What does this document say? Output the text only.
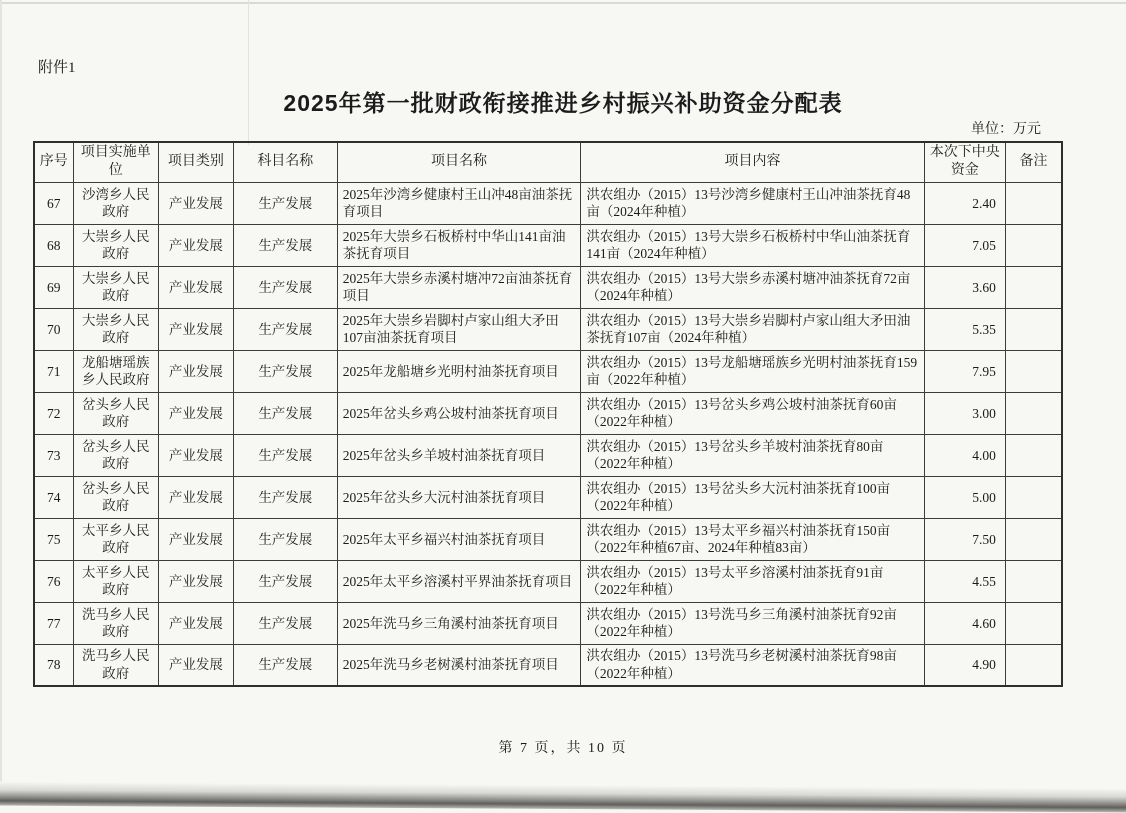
附件1
2025年第一批财政衔接推进乡村振兴补助资金分配表
单位：万元
序号	项目实施单位	项目类别	科目名称	项目名称	项目内容	本次下中央资金	备注
67	沙湾乡人民政府	产业发展	生产发展	2025年沙湾乡健康村王山冲48亩油茶抚育项目	洪农组办（2015）13号沙湾乡健康村王山冲油茶抚育48亩（2024年种植）	2.40	
68	大崇乡人民政府	产业发展	生产发展	2025年大崇乡石板桥村中华山141亩油茶抚育项目	洪农组办（2015）13号大崇乡石板桥村中华山油茶抚育141亩（2024年种植）	7.05	
69	大崇乡人民政府	产业发展	生产发展	2025年大崇乡赤溪村塘冲72亩油茶抚育项目	洪农组办（2015）13号大崇乡赤溪村塘冲油茶抚育72亩（2024年种植）	3.60	
70	大崇乡人民政府	产业发展	生产发展	2025年大崇乡岩脚村卢家山组大矛田107亩油茶抚育项目	洪农组办（2015）13号大崇乡岩脚村卢家山组大矛田油茶抚育107亩（2024年种植）	5.35	
71	龙船塘瑶族乡人民政府	产业发展	生产发展	2025年龙船塘乡光明村油茶抚育项目	洪农组办（2015）13号龙船塘瑶族乡光明村油茶抚育159亩（2022年种植）	7.95	
72	岔头乡人民政府	产业发展	生产发展	2025年岔头乡鸡公坡村油茶抚育项目	洪农组办（2015）13号岔头乡鸡公坡村油茶抚育60亩（2022年种植）	3.00	
73	岔头乡人民政府	产业发展	生产发展	2025年岔头乡羊坡村油茶抚育项目	洪农组办（2015）13号岔头乡羊坡村油茶抚育80亩（2022年种植）	4.00	
74	岔头乡人民政府	产业发展	生产发展	2025年岔头乡大沅村油茶抚育项目	洪农组办（2015）13号岔头乡大沅村油茶抚育100亩（2022年种植）	5.00	
75	太平乡人民政府	产业发展	生产发展	2025年太平乡福兴村油茶抚育项目	洪农组办（2015）13号太平乡福兴村油茶抚育150亩（2022年种植67亩、2024年种植83亩）	7.50	
76	太平乡人民政府	产业发展	生产发展	2025年太平乡溶溪村平界油茶抚育项目	洪农组办（2015）13号太平乡溶溪村油茶抚育91亩（2022年种植）	4.55	
77	洗马乡人民政府	产业发展	生产发展	2025年洗马乡三角溪村油茶抚育项目	洪农组办（2015）13号洗马乡三角溪村油茶抚育92亩（2022年种植）	4.60	
78	洗马乡人民政府	产业发展	生产发展	2025年洗马乡老树溪村油茶抚育项目	洪农组办（2015）13号洗马乡老树溪村油茶抚育98亩（2022年种植）	4.90	
第 7 页，共 10 页
